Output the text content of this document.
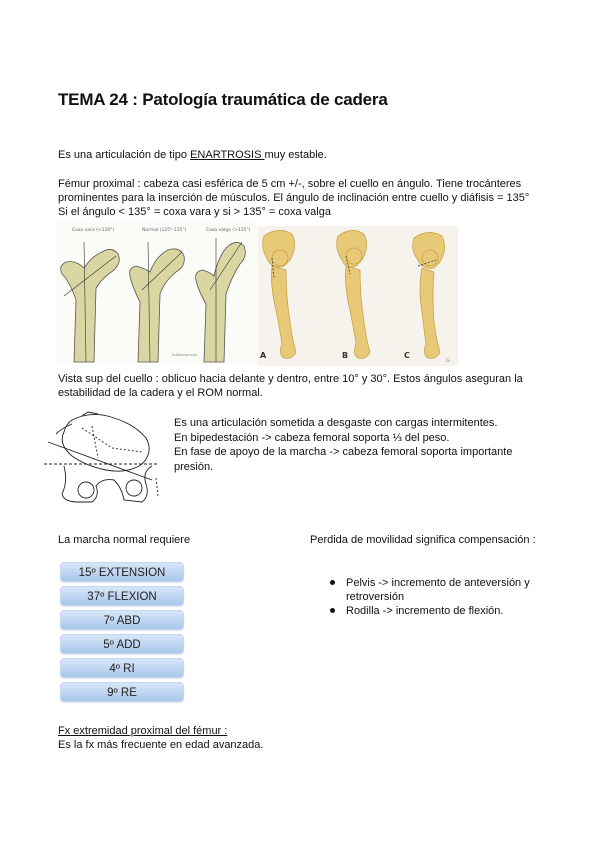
TEMA 24 : Patología traumática de cadera
Es una articulación de tipo ENARTROSIS muy estable.
Fémur proximal : cabeza casi esférica de 5 cm +/-, sobre el cuello en ángulo. Tiene trocánteres
prominentes para la inserción de músculos. El ángulo de inclinación entre cuello y diáfisis = 135°
Si el ángulo < 135° = coxa vara y si > 135° = coxa valga
Coxa vara (<120°)	Normal (125°-135°)	Coxa valga (>135°)
tidistanqinalia	A	B	C
G
Vista sup del cuello : oblicuo hacia delante y dentro, entre 10° y 30°. Estos ángulos aseguran la
estabilidad de la cadera y el ROM normal.
Es una articulación sometida a desgaste con cargas intermitentes.
En bipedestación -> cabeza femoral soporta ⅓ del peso.
En fase de apoyo de la marcha -> cabeza femoral soporta importante
presión.
La marcha normal requiere
15º EXTENSION
37º FLEXION
7º ABD
5º ADD
4º RI
9º RE
Perdida de movilidad significa compensación :
Pelvis -> incremento de anteversión y
retroversión
Rodilla -> incremento de flexión.
Fx extremidad proximal del fémur :
Es la fx más frecuente en edad avanzada.
